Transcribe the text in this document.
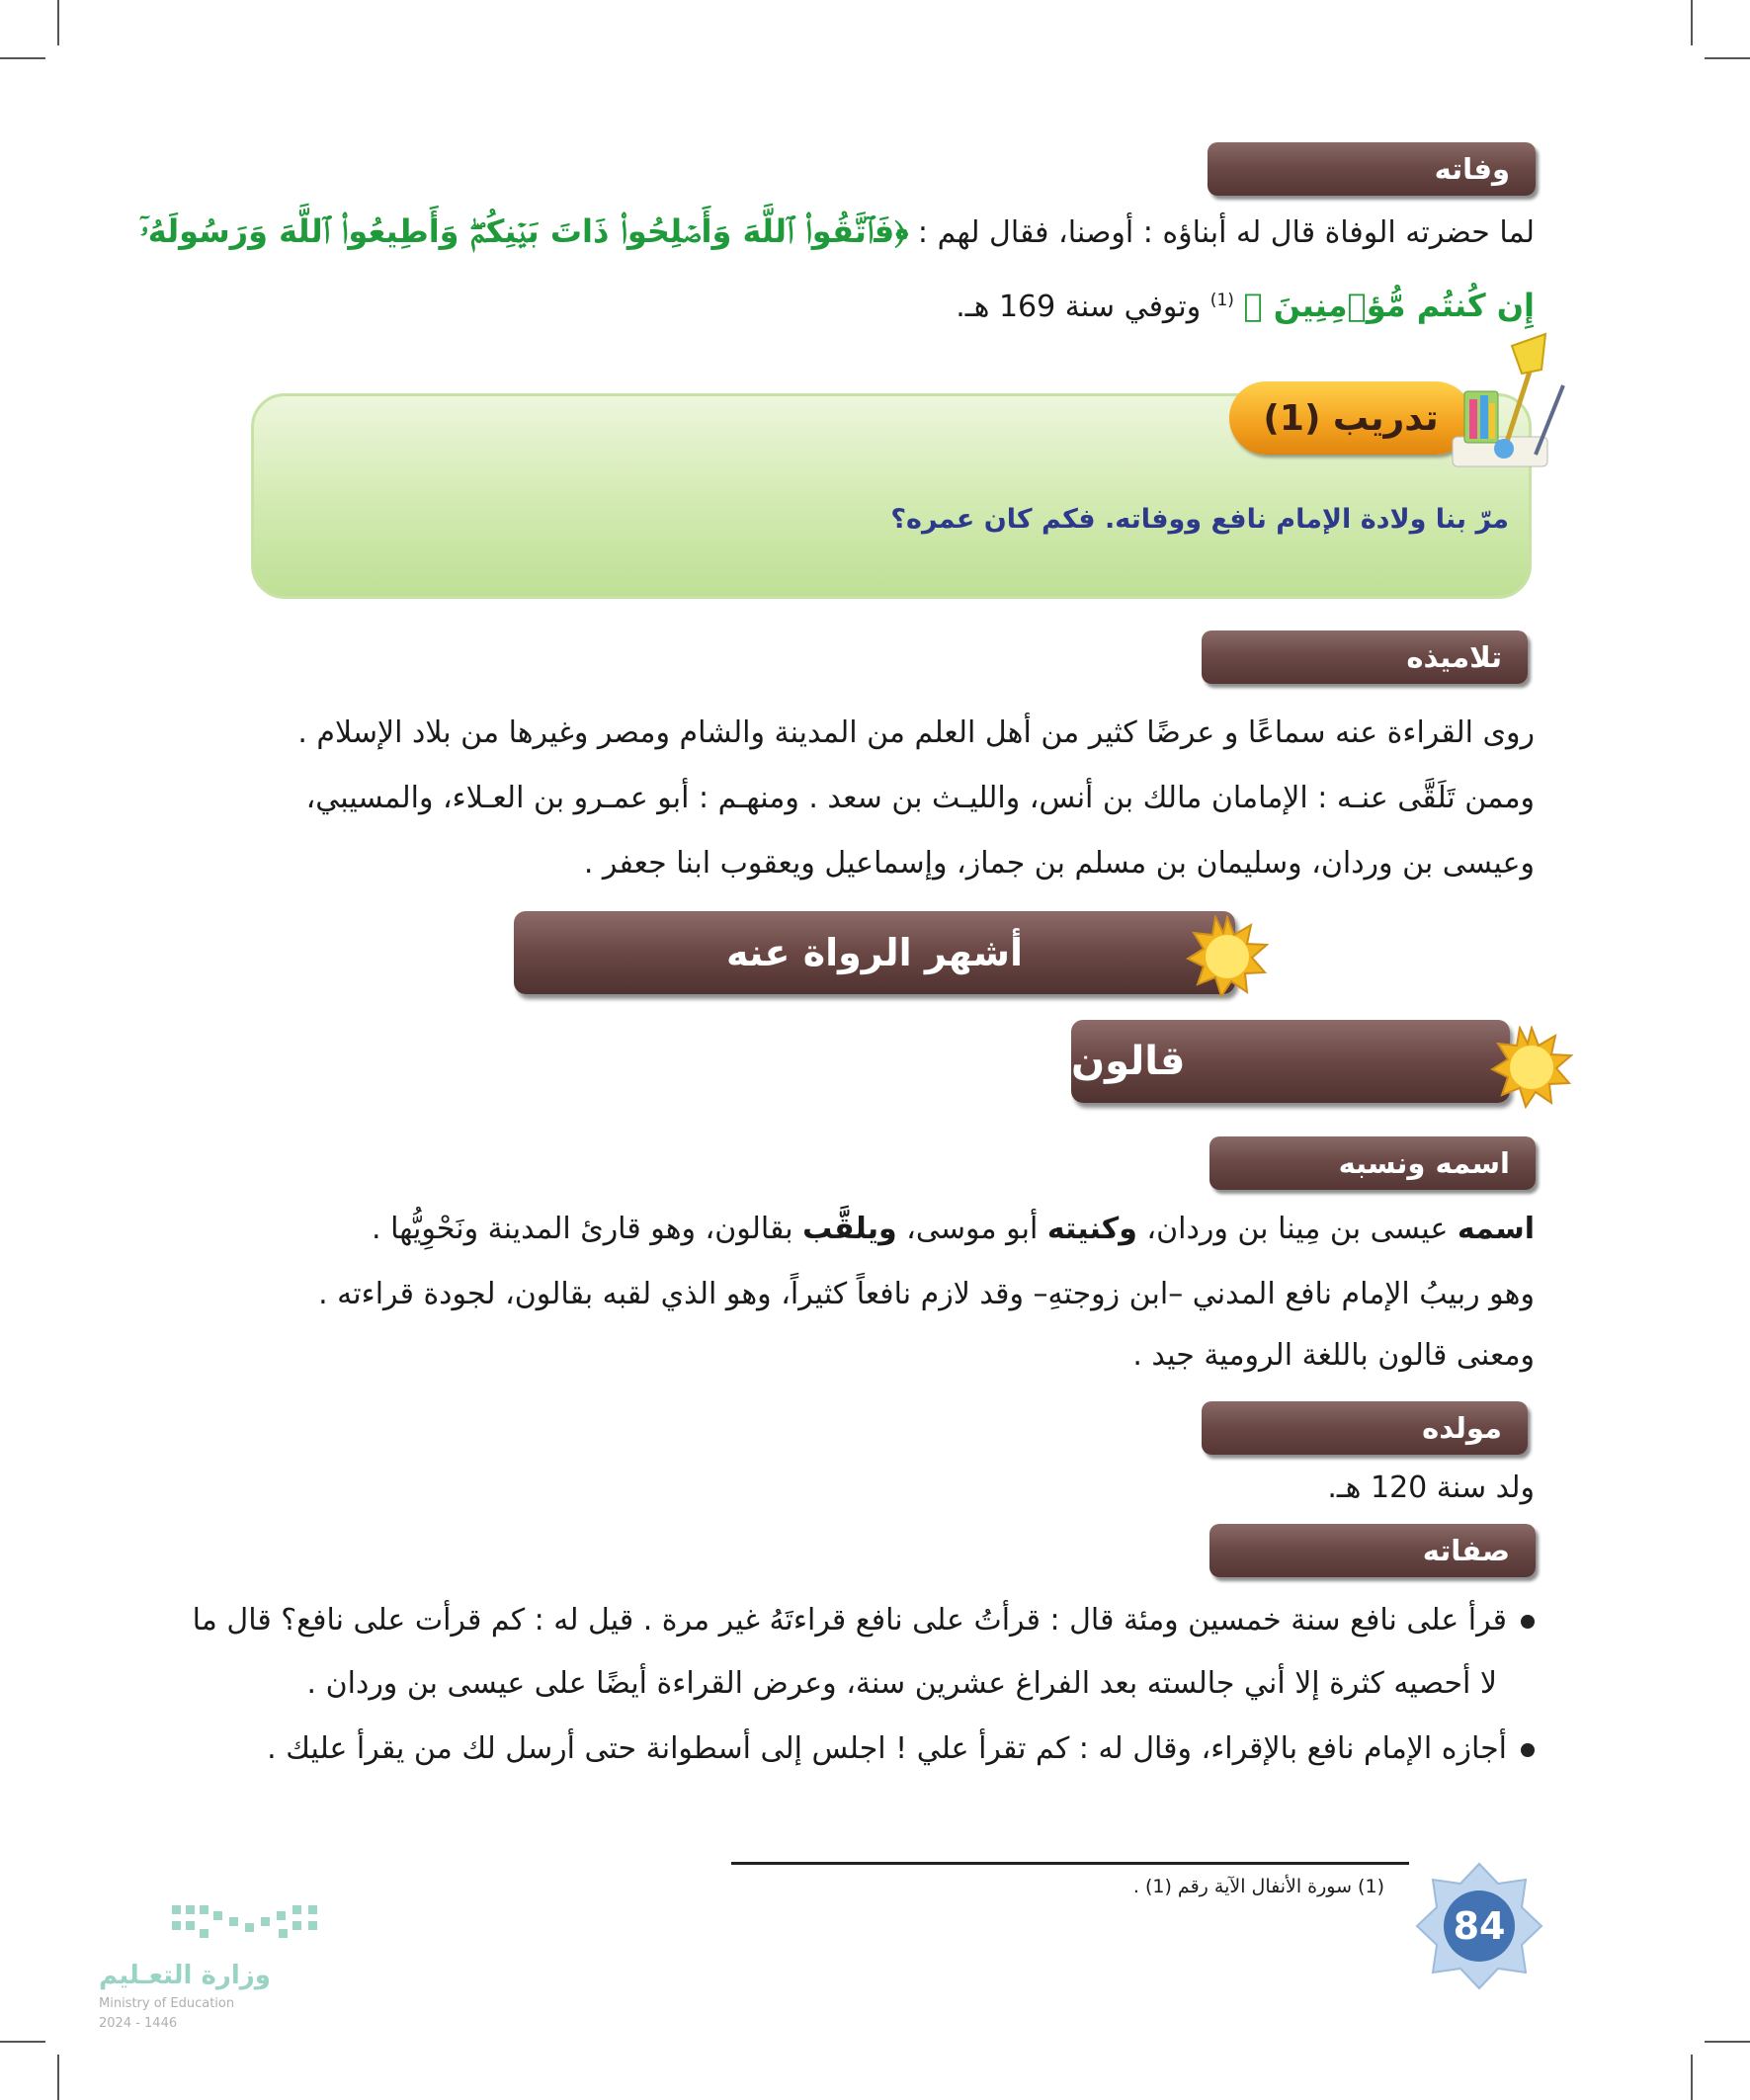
وفاته
لما حضرته الوفاة قال له أبناؤه : أوصنا، فقال لهم : ﴿فَٱتَّقُوا۟ ٱللَّهَ وَأَصۡلِحُوا۟ ذَاتَ بَيۡنِكُمۡۖ وَأَطِيعُوا۟ ٱللَّهَ وَرَسُولَهُۥٓ
إِن كُنتُم مُّؤۡمِنِينَ ﴾ $^{(1)}$ وتوفي سنة 169 هـ.
تدريب (1)
مرّ بنا ولادة الإمام نافع ووفاته. فكم كان عمره؟
تلاميذه
روى القراءة عنه سماعًا و عرضًا كثير من أهل العلم من المدينة والشام ومصر وغيرها من بلاد الإسلام .
وممن تَلَقَّى عنـه : الإمامان مالك بن أنس، والليـث بن سعد . ومنهـم : أبو عمـرو بن العـلاء، والمسيبي،
وعيسى بن وردان، وسليمان بن مسلم بن جماز، وإسماعيل ويعقوب ابنا جعفر .
أشهر الرواة عنه
قالون
اسمه ونسبه
اسمه عيسى بن مِينا بن وردان، وكنيته أبو موسى، ويلقَّب بقالون، وهو قارئ المدينة ونَحْوِيُّها .
وهو ربيبُ الإمام نافع المدني –ابن زوجتهِ– وقد لازم نافعاً كثيراً، وهو الذي لقبه بقالون، لجودة قراءته .
ومعنى قالون باللغة الرومية جيد .
مولده
ولد سنة 120 هـ.
صفاته
قرأ على نافع سنة خمسين ومئة قال : قرأتُ على نافع قراءتَهُ غير مرة . قيل له : كم قرأت على نافع؟ قال ما
لا أحصيه كثرة إلا أني جالسته بعد الفراغ عشرين سنة، وعرض القراءة أيضًا على عيسى بن وردان .
أجازه الإمام نافع بالإقراء، وقال له : كم تقرأ علي ! اجلس إلى أسطوانة حتى أرسل لك من يقرأ عليك .
(1) سورة الأنفال الآية رقم (1) .
84
وزارة التعـليم
Ministry of Education
2024 - 1446
